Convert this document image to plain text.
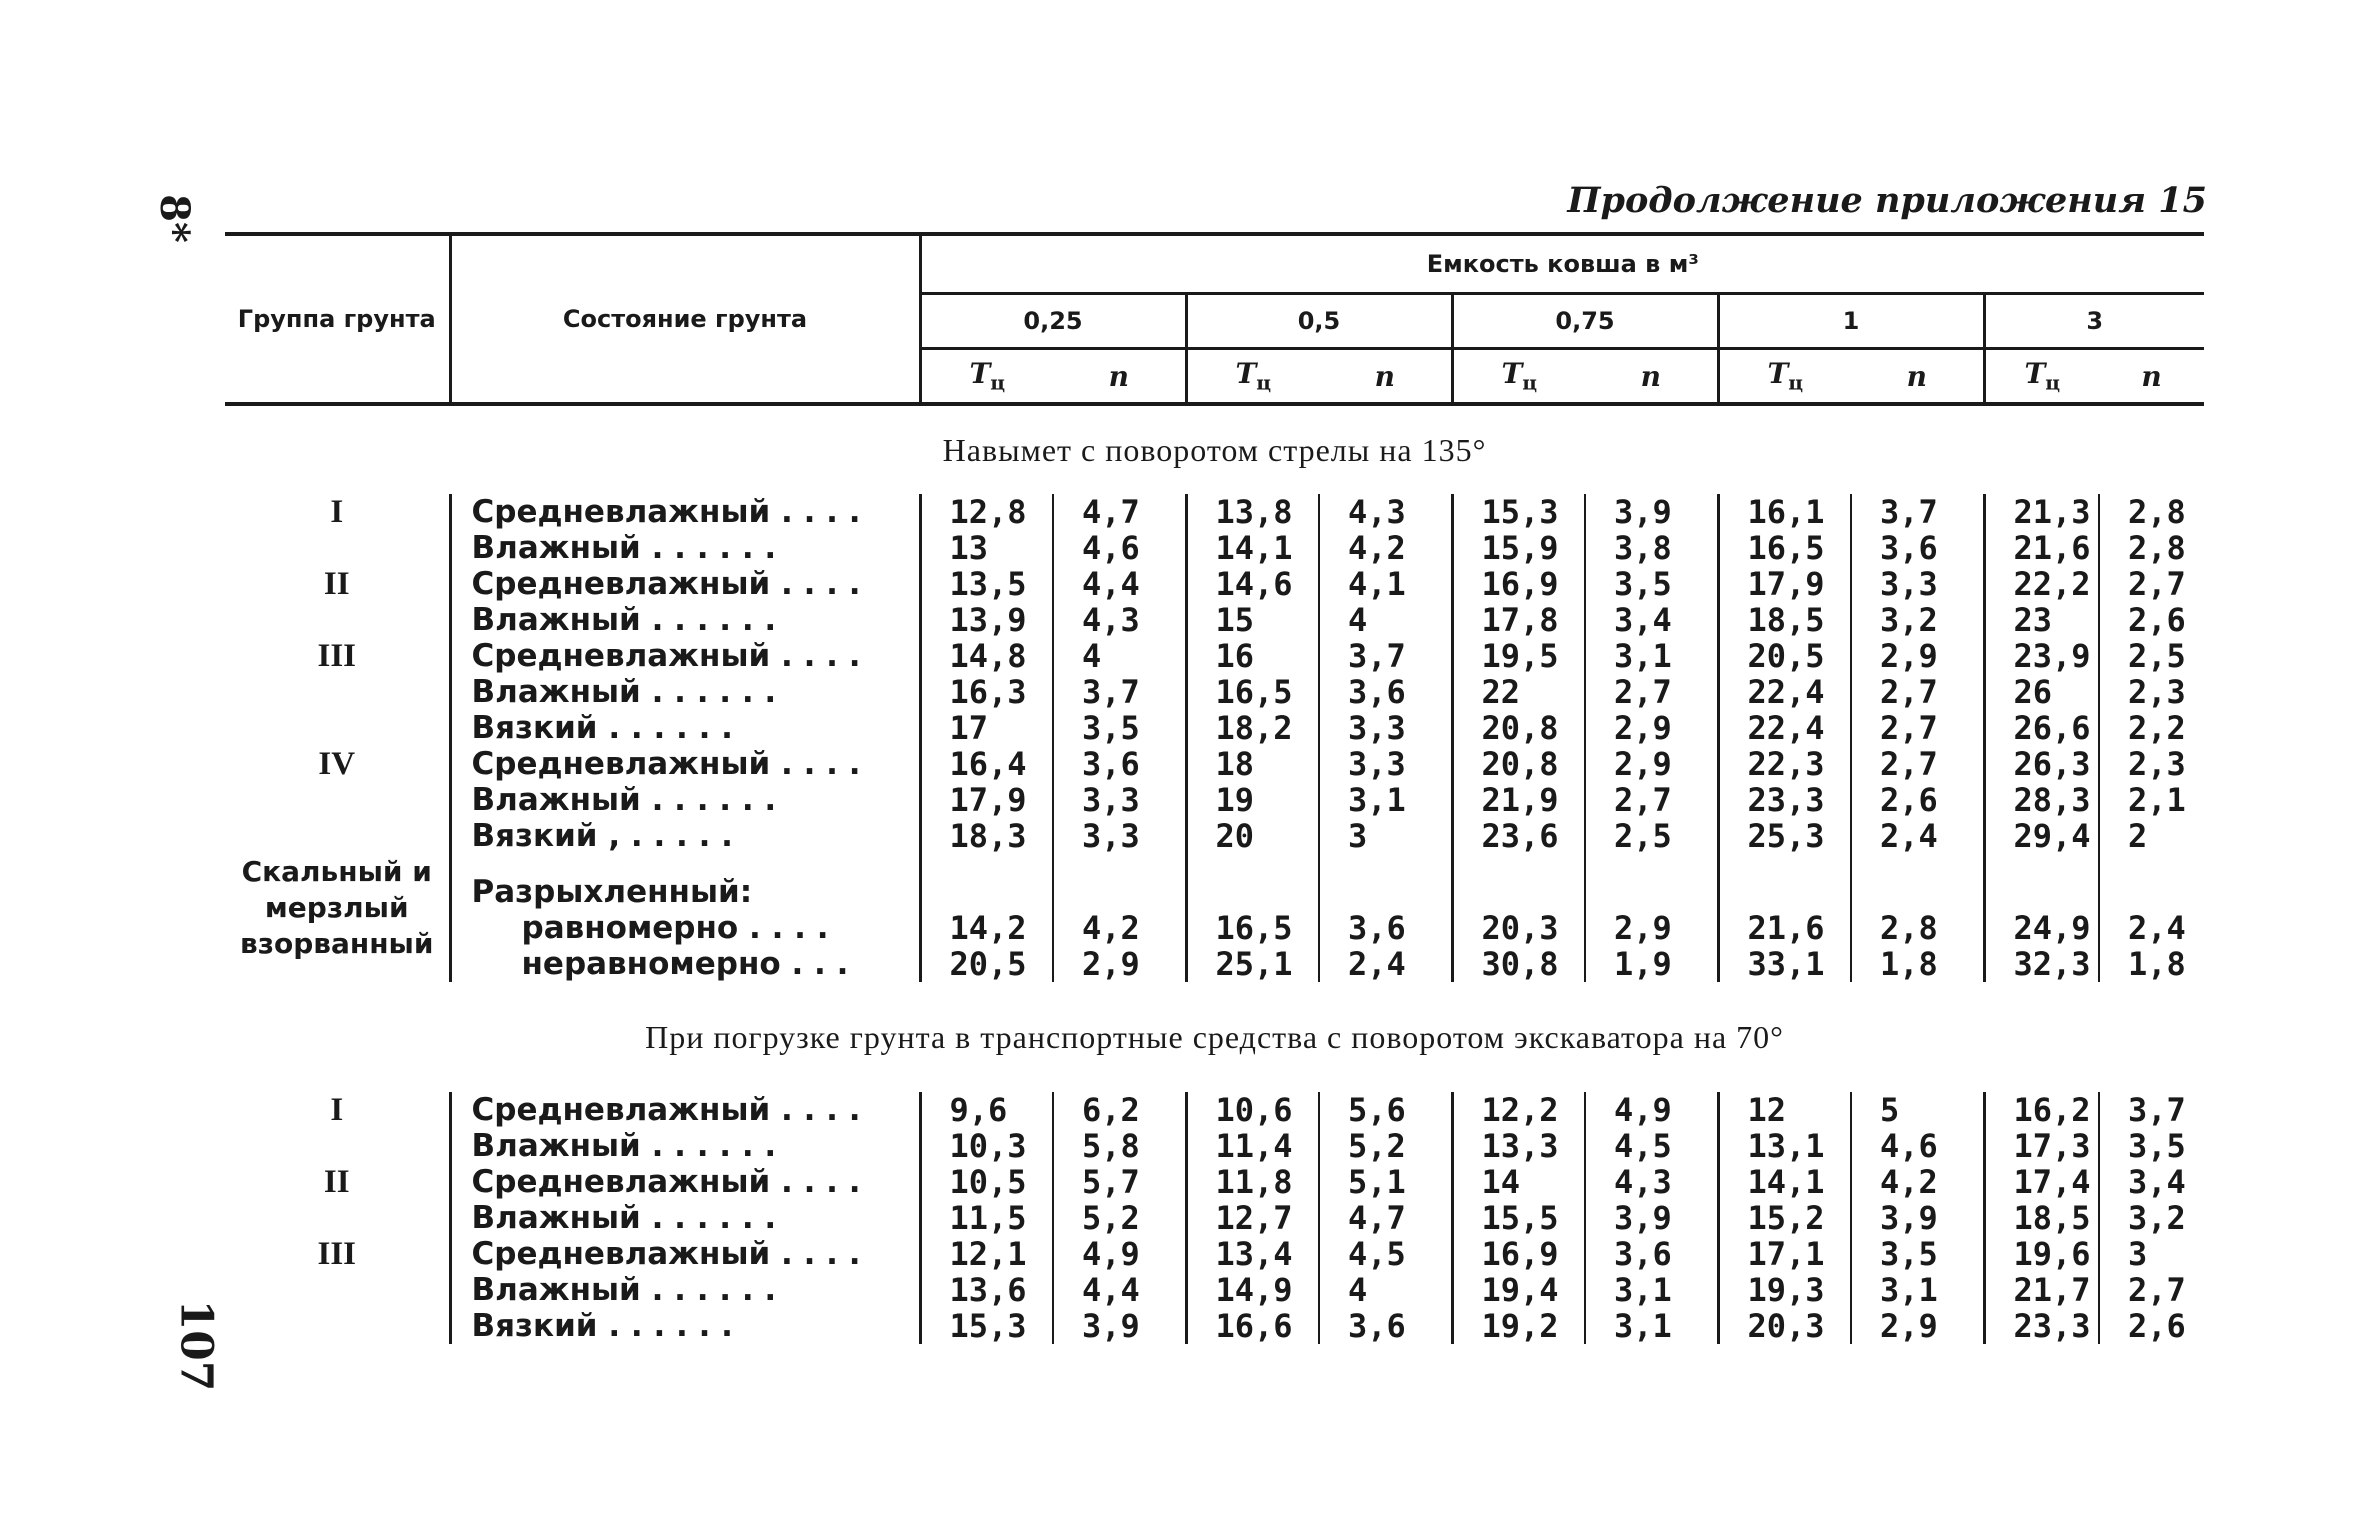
8*
107
Продолжение приложения 15
Группа грунта	Состояние грунта	Емкость ковша в м³									
		0,25		0,5		0,75		1		3	
		$T_ц$	n	$T_ц$	n	$T_ц$	n	$T_ц$	n	$T_ц$	n
Навымет с поворотом стрелы на 135°											
I	Средневлажный . . . .	12,8	4,7	13,8	4,3	15,3	3,9	16,1	3,7	21,3	2,8
	Влажный . . . . . .	13	4,6	14,1	4,2	15,9	3,8	16,5	3,6	21,6	2,8
II	Средневлажный . . . .	13,5	4,4	14,6	4,1	16,9	3,5	17,9	3,3	22,2	2,7
	Влажный . . . . . .	13,9	4,3	15	4	17,8	3,4	18,5	3,2	23	2,6
III	Средневлажный . . . .	14,8	4	16	3,7	19,5	3,1	20,5	2,9	23,9	2,5
	Влажный . . . . . .	16,3	3,7	16,5	3,6	22	2,7	22,4	2,7	26	2,3
	Вязкий . . . . . .	17	3,5	18,2	3,3	20,8	2,9	22,4	2,7	26,6	2,2
IV	Средневлажный . . . .	16,4	3,6	18	3,3	20,8	2,9	22,3	2,7	26,3	2,3
	Влажный . . . . . .	17,9	3,3	19	3,1	21,9	2,7	23,3	2,6	28,3	2,1
	Вязкий , . . . . .	18,3	3,3	20	3	23,6	2,5	25,3	2,4	29,4	2
Скальный и мерзлый взорванный	Разрыхленный:										
	равномерно . . . .	14,2	4,2	16,5	3,6	20,3	2,9	21,6	2,8	24,9	2,4
	неравномерно . . .	20,5	2,9	25,1	2,4	30,8	1,9	33,1	1,8	32,3	1,8
При погрузке грунта в транспортные средства с поворотом экскаватора на 70°											
I	Средневлажный . . . .	9,6	6,2	10,6	5,6	12,2	4,9	12	5	16,2	3,7
	Влажный . . . . . .	10,3	5,8	11,4	5,2	13,3	4,5	13,1	4,6	17,3	3,5
II	Средневлажный . . . .	10,5	5,7	11,8	5,1	14	4,3	14,1	4,2	17,4	3,4
	Влажный . . . . . .	11,5	5,2	12,7	4,7	15,5	3,9	15,2	3,9	18,5	3,2
III	Средневлажный . . . .	12,1	4,9	13,4	4,5	16,9	3,6	17,1	3,5	19,6	3
	Влажный . . . . . .	13,6	4,4	14,9	4	19,4	3,1	19,3	3,1	21,7	2,7
	Вязкий . . . . . .	15,3	3,9	16,6	3,6	19,2	3,1	20,3	2,9	23,3	2,6
